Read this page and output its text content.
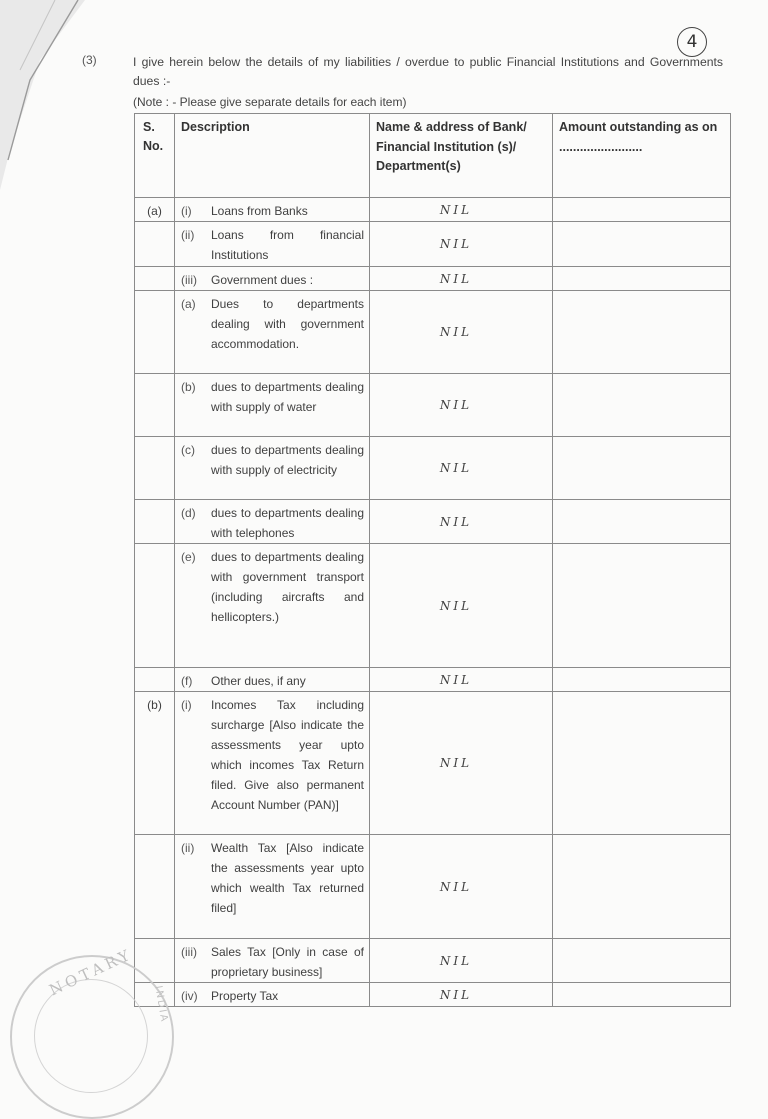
4
(3)	I give herein below the details of my liabilities / overdue to public Financial Institutions and Governments dues :-
(Note : - Please give separate details for each item)
S. No.	Description	Name & address of Bank/ Financial Institution (s)/ Department(s)	Amount outstanding as on ........................
(a)	(i) Loans from Banks	NIL	

	(ii) Loans from financial Institutions	NIL	

	(iii) Government dues :	NIL	

	(a) Dues to departments dealing with government accommodation.	NIL	

	(b) dues to departments dealing with supply of water	NIL	

	(c) dues to departments dealing with supply of electricity	NIL	

	(d) dues to departments dealing with telephones	NIL	

	(e) dues to departments dealing with government transport (including aircrafts and hellicopters.)	NIL	

	(f) Other dues, if any	NIL	
(b)	(i) Incomes Tax including surcharge [Also indicate the assessments year upto which incomes Tax Return filed. Give also permanent Account Number (PAN)]	NIL	

	(ii) Wealth Tax [Also indicate the assessments year upto which wealth Tax returned filed]	NIL	

	(iii) Sales Tax [Only in case of proprietary business]	NIL	

	(iv) Property Tax	NIL	
NOTARY
INDIA
